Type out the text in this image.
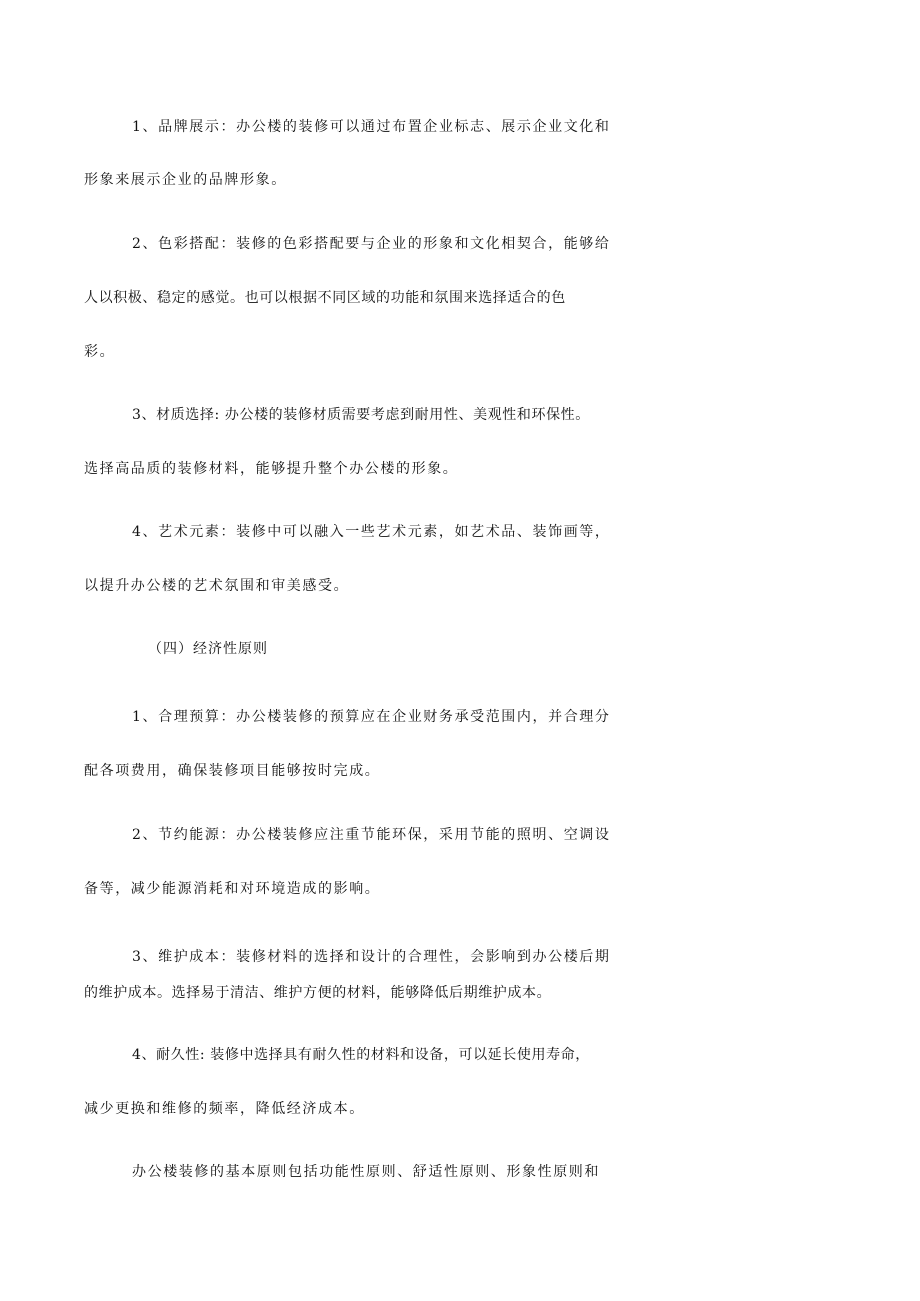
1、品牌展示：办公楼的装修可以通过布置企业标志、展示企业文化和
形象来展示企业的品牌形象。
2、色彩搭配：装修的色彩搭配要与企业的形象和文化相契合，能够给
人以积极、稳定的感觉。也可以根据不同区域的功能和氛围来选择适合的色
彩。
3、材质选择: 办公楼的装修材质需要考虑到耐用性、美观性和环保性。
选择高品质的装修材料，能够提升整个办公楼的形象。
4、艺术元素：装修中可以融入一些艺术元素，如艺术品、装饰画等，
以提升办公楼的艺术氛围和审美感受。
（四）经济性原则
1、合理预算：办公楼装修的预算应在企业财务承受范围内，并合理分
配各项费用，确保装修项目能够按时完成。
2、节约能源：办公楼装修应注重节能环保，采用节能的照明、空调设
备等，减少能源消耗和对环境造成的影响。
3、维护成本：装修材料的选择和设计的合理性，会影响到办公楼后期
的维护成本。选择易于清洁、维护方便的材料，能够降低后期维护成本。
4、耐久性: 装修中选择具有耐久性的材料和设备，可以延长使用寿命，
减少更换和维修的频率，降低经济成本。
办公楼装修的基本原则包括功能性原则、舒适性原则、形象性原则和
